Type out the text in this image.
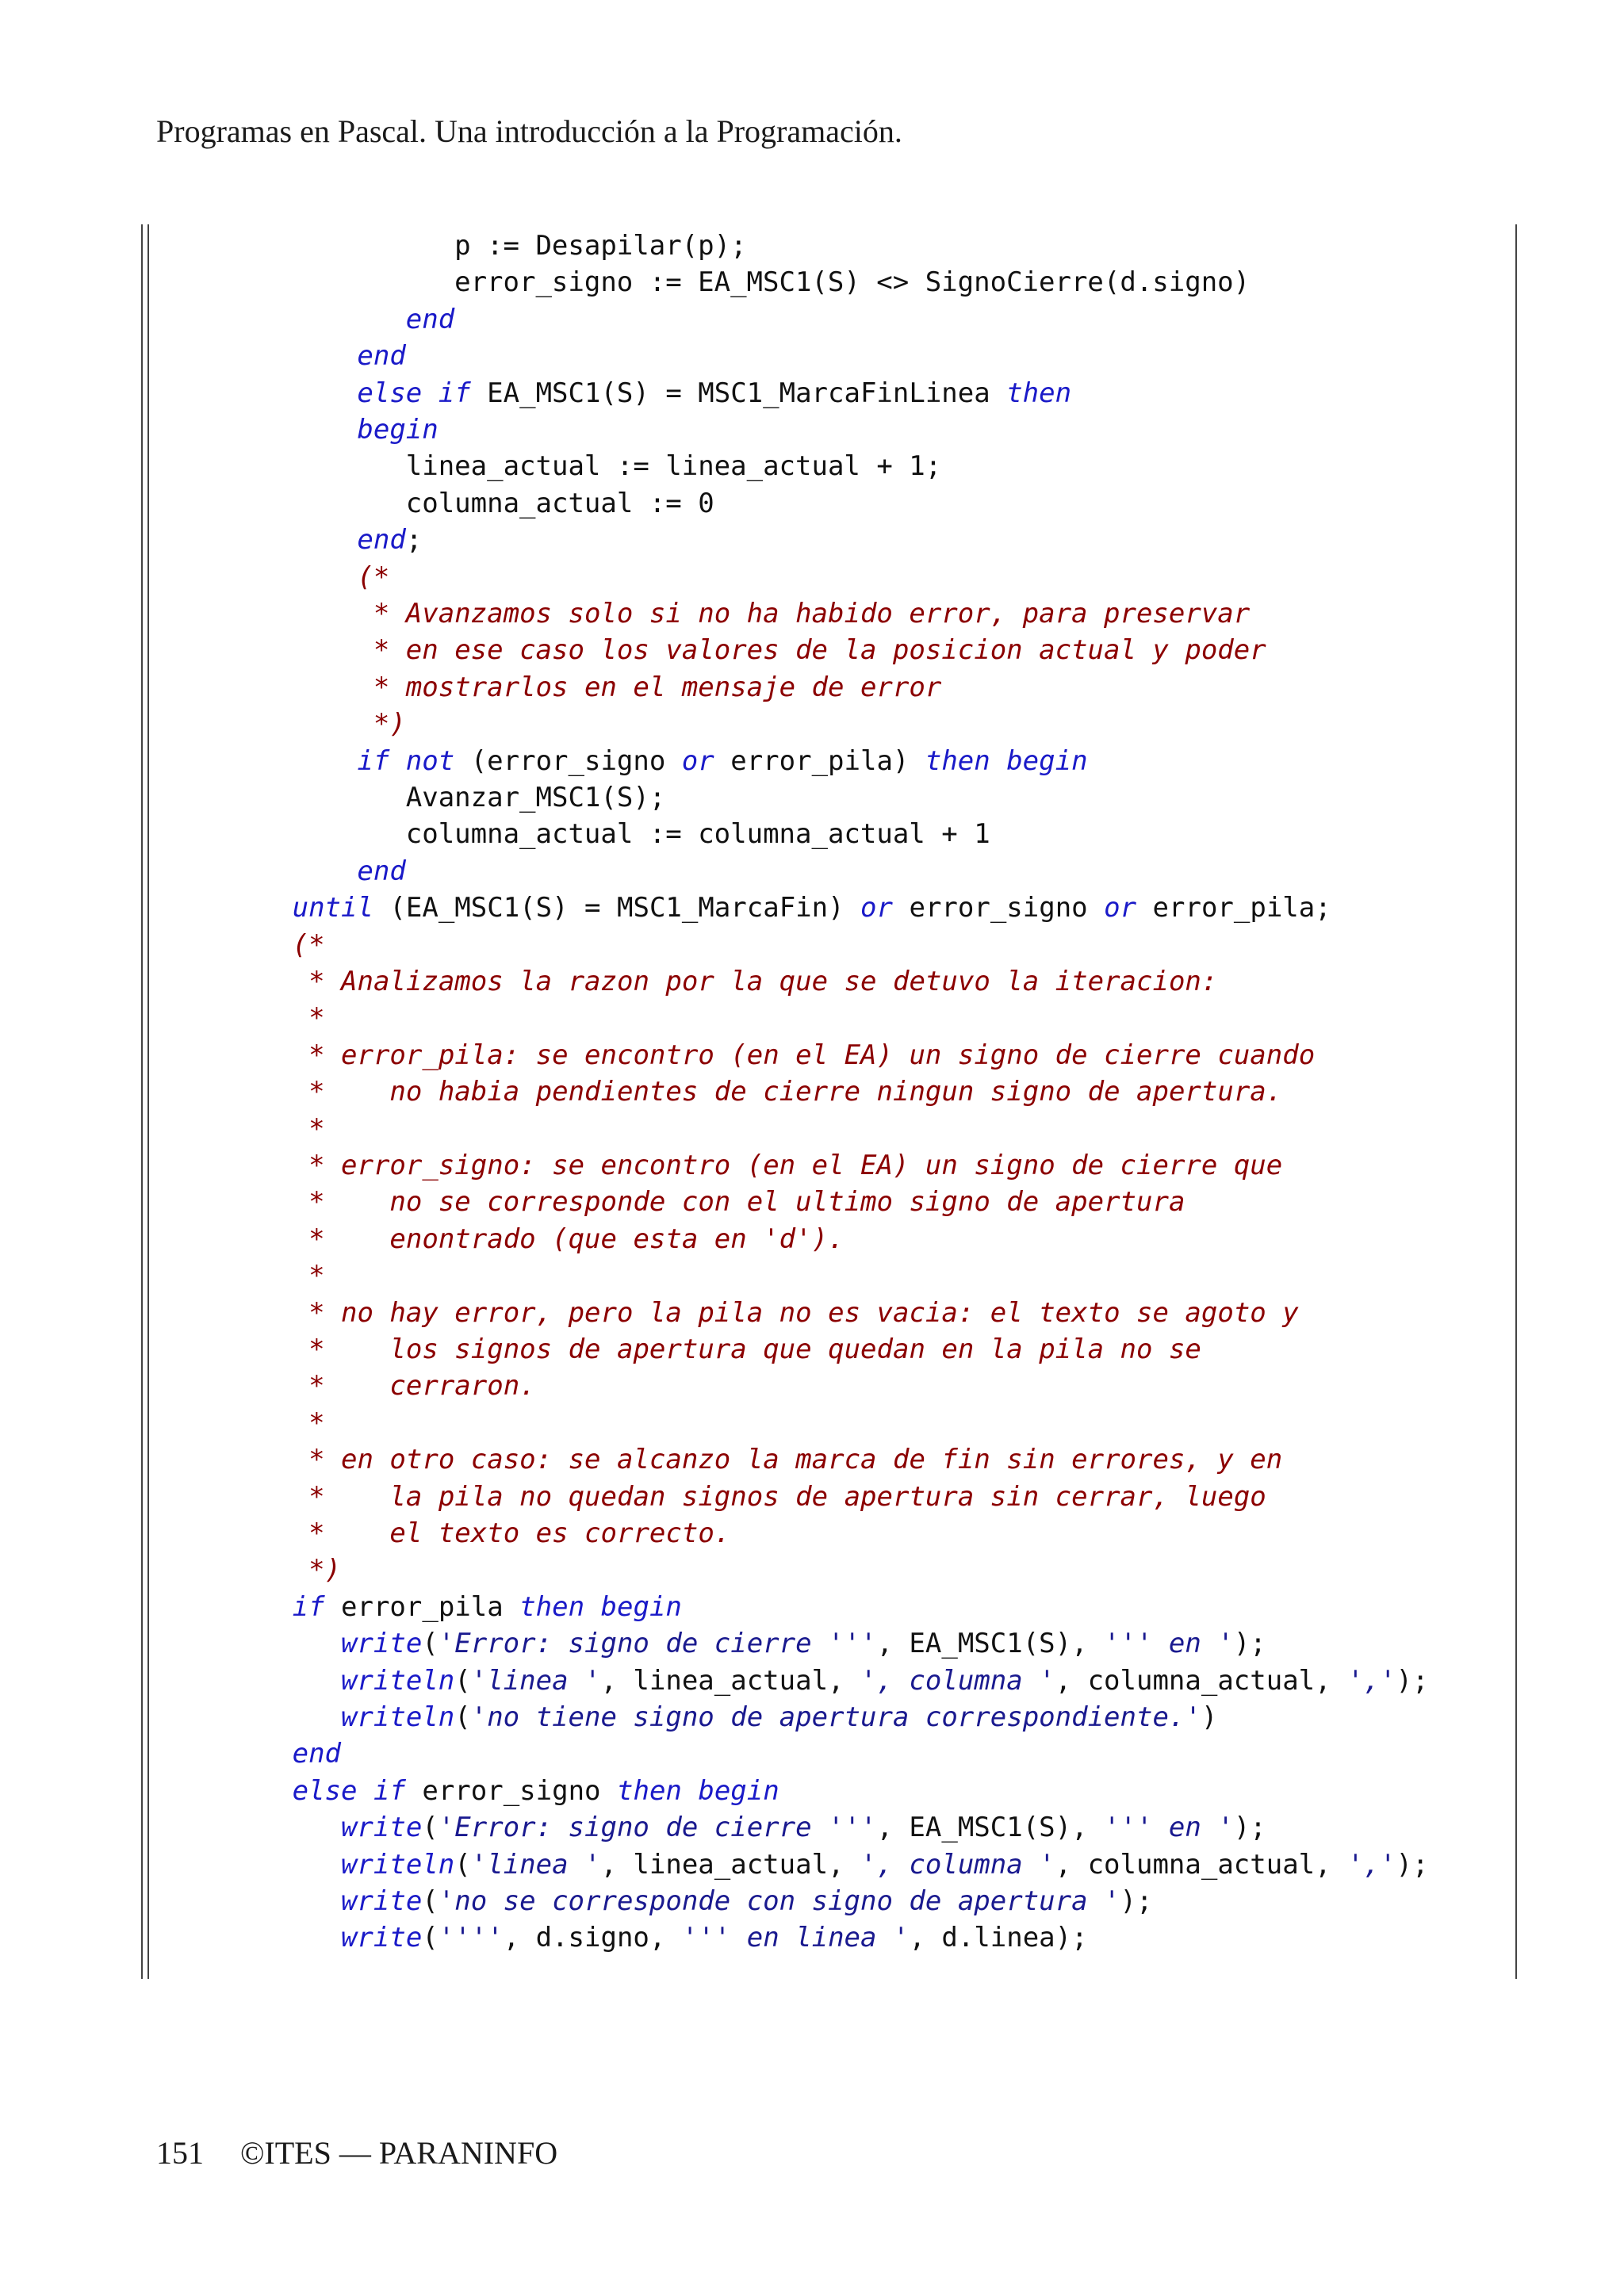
Programas en Pascal. Una introducción a la Programación.
p := Desapilar(p);
error_signo := EA_MSC1(S) <> SignoCierre(d.signo)
end
end
else if EA_MSC1(S) = MSC1_MarcaFinLinea then
begin
linea_actual := linea_actual + 1;
columna_actual := 0
end;
(*
* Avanzamos solo si no ha habido error, para preservar
* en ese caso los valores de la posicion actual y poder
* mostrarlos en el mensaje de error
*)
if not (error_signo or error_pila) then begin
Avanzar_MSC1(S);
columna_actual := columna_actual + 1
end
until (EA_MSC1(S) = MSC1_MarcaFin) or error_signo or error_pila;
(*
* Analizamos la razon por la que se detuvo la iteracion:
*
* error_pila: se encontro (en el EA) un signo de cierre cuando
*    no habia pendientes de cierre ningun signo de apertura.
*
* error_signo: se encontro (en el EA) un signo de cierre que
*    no se corresponde con el ultimo signo de apertura
*    enontrado (que esta en 'd').
*
* no hay error, pero la pila no es vacia: el texto se agoto y
*    los signos de apertura que quedan en la pila no se
*    cerraron.
*
* en otro caso: se alcanzo la marca de fin sin errores, y en
*    la pila no quedan signos de apertura sin cerrar, luego
*    el texto es correcto.
*)
if error_pila then begin
write('Error: signo de cierre ''', EA_MSC1(S), ''' en ');
writeln('linea ', linea_actual, ', columna ', columna_actual, ',');
writeln('no tiene signo de apertura correspondiente.')
end
else if error_signo then begin
write('Error: signo de cierre ''', EA_MSC1(S), ''' en ');
writeln('linea ', linea_actual, ', columna ', columna_actual, ',');
write('no se corresponde con signo de apertura ');
write('''', d.signo, ''' en linea ', d.linea);
151 ©ITES — PARANINFO
